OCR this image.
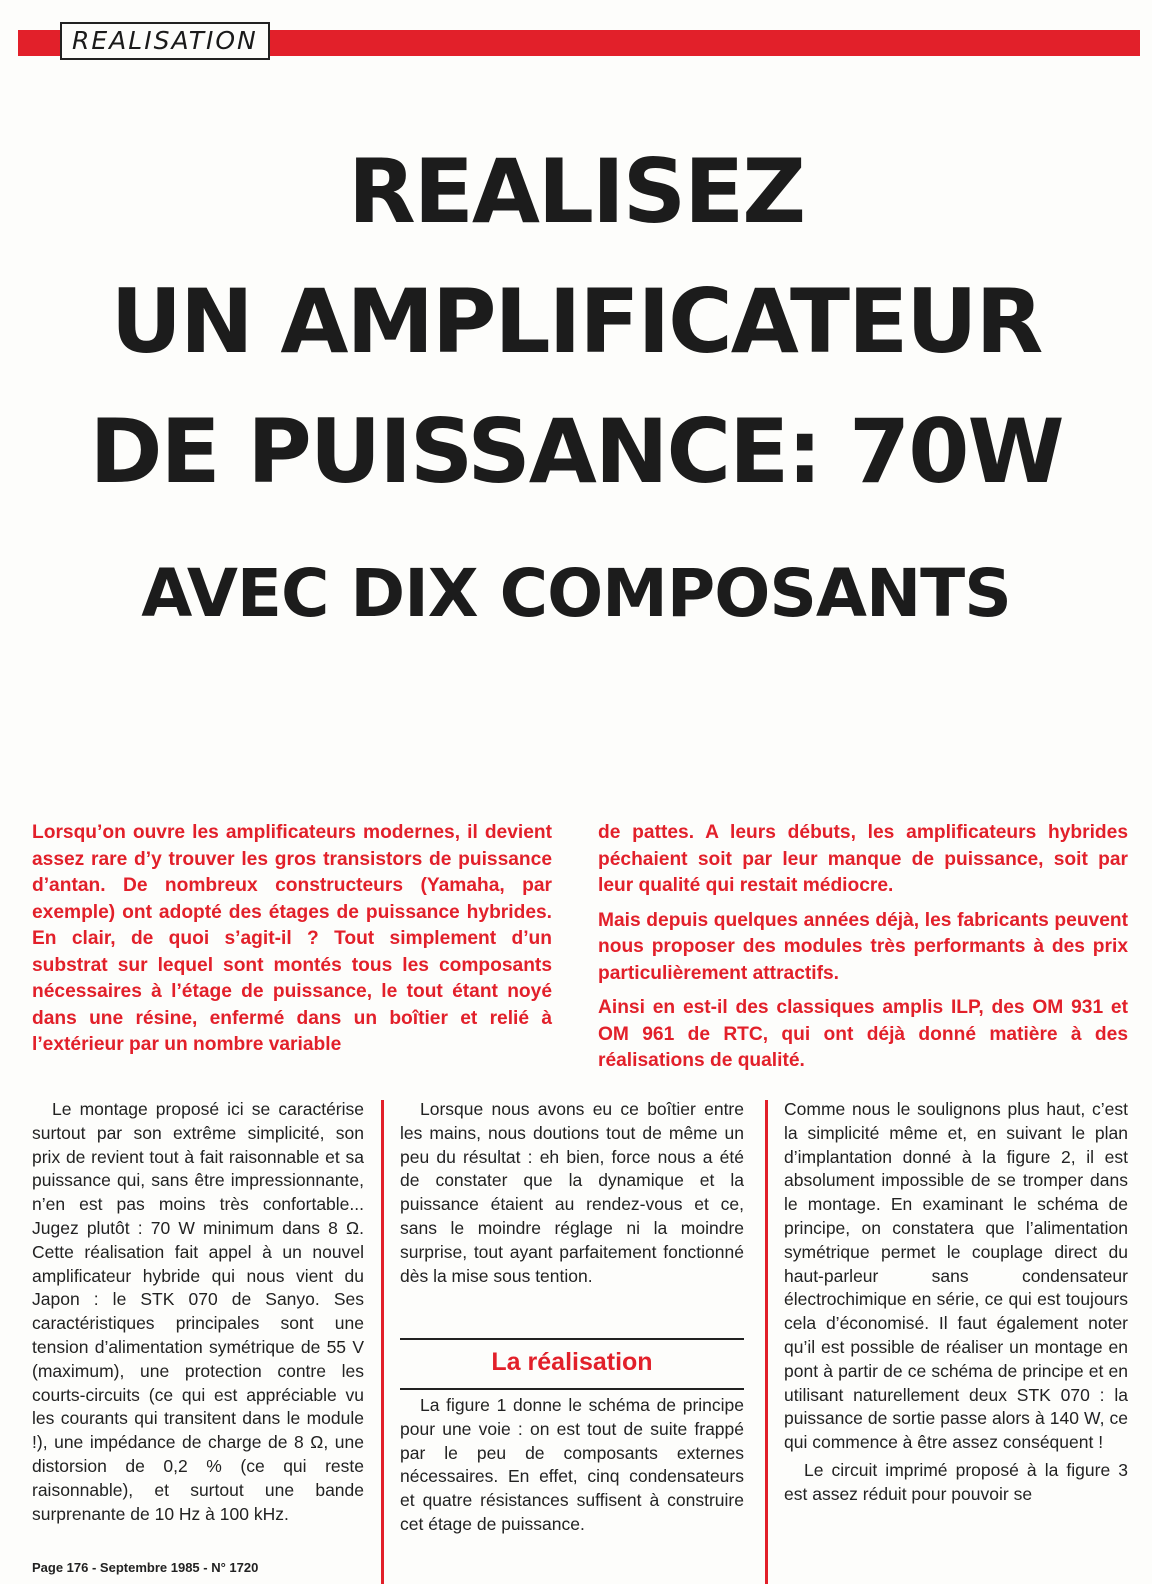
REALISATION
REALISEZ
UN AMPLIFICATEUR
DE PUISSANCE: 70W
AVEC DIX COMPOSANTS

Lorsqu’on ouvre les amplificateurs modernes, il devient assez rare d’y trouver les gros transistors de puissance d’antan. De nombreux constructeurs (Yamaha, par exemple) ont adopté des étages de puissance hybrides. En clair, de quoi s’agit-il ? Tout simplement d’un substrat sur lequel sont montés tous les composants nécessaires à l’étage de puissance, le tout étant noyé dans une résine, enfermé dans un boîtier et relié à l’extérieur par un nombre variable

de pattes. A leurs débuts, les amplificateurs hybrides péchaient soit par leur manque de puissance, soit par leur qualité qui restait médiocre.

Mais depuis quelques années déjà, les fabricants peuvent nous proposer des modules très performants à des prix particulièrement attractifs.

Ainsi en est-il des classiques amplis ILP, des OM 931 et OM 961 de RTC, qui ont déjà donné matière à des réalisations de qualité.

Le montage proposé ici se caractérise surtout par son extrême simplicité, son prix de revient tout à fait raisonnable et sa puissance qui, sans être impressionnante, n’en est pas moins très confortable... Jugez plutôt : 70 W minimum dans 8 Ω. Cette réalisation fait appel à un nouvel amplificateur hybride qui nous vient du Japon : le STK 070 de Sanyo. Ses caractéristiques principales sont une tension d’alimentation symétrique de 55 V (maximum), une protection contre les courts-circuits (ce qui est appréciable vu les courants qui transitent dans le module !), une impédance de charge de 8 Ω, une distorsion de 0,2 % (ce qui reste raisonnable), et surtout une bande surprenante de 10 Hz à 100 kHz.

Lorsque nous avons eu ce boîtier entre les mains, nous doutions tout de même un peu du résultat : eh bien, force nous a été de constater que la dynamique et la puissance étaient au rendez-vous et ce, sans le moindre réglage ni la moindre surprise, tout ayant parfaitement fonctionné dès la mise sous tention.

La réalisation

La figure 1 donne le schéma de principe pour une voie : on est tout de suite frappé par le peu de composants externes nécessaires. En effet, cinq condensateurs et quatre résistances suffisent à construire cet étage de puissance.

Comme nous le soulignons plus haut, c’est la simplicité même et, en suivant le plan d’implantation donné à la figure 2, il est absolument impossible de se tromper dans le montage. En examinant le schéma de principe, on constatera que l’alimentation symétrique permet le couplage direct du haut-parleur sans condensateur électrochimique en série, ce qui est toujours cela d’économisé. Il faut également noter qu’il est possible de réaliser un montage en pont à partir de ce schéma de principe et en utilisant naturellement deux STK 070 : la puissance de sortie passe alors à 140 W, ce qui commence à être assez conséquent !

Le circuit imprimé proposé à la figure 3 est assez réduit pour pouvoir se

Page 176 - Septembre 1985 - N° 1720
